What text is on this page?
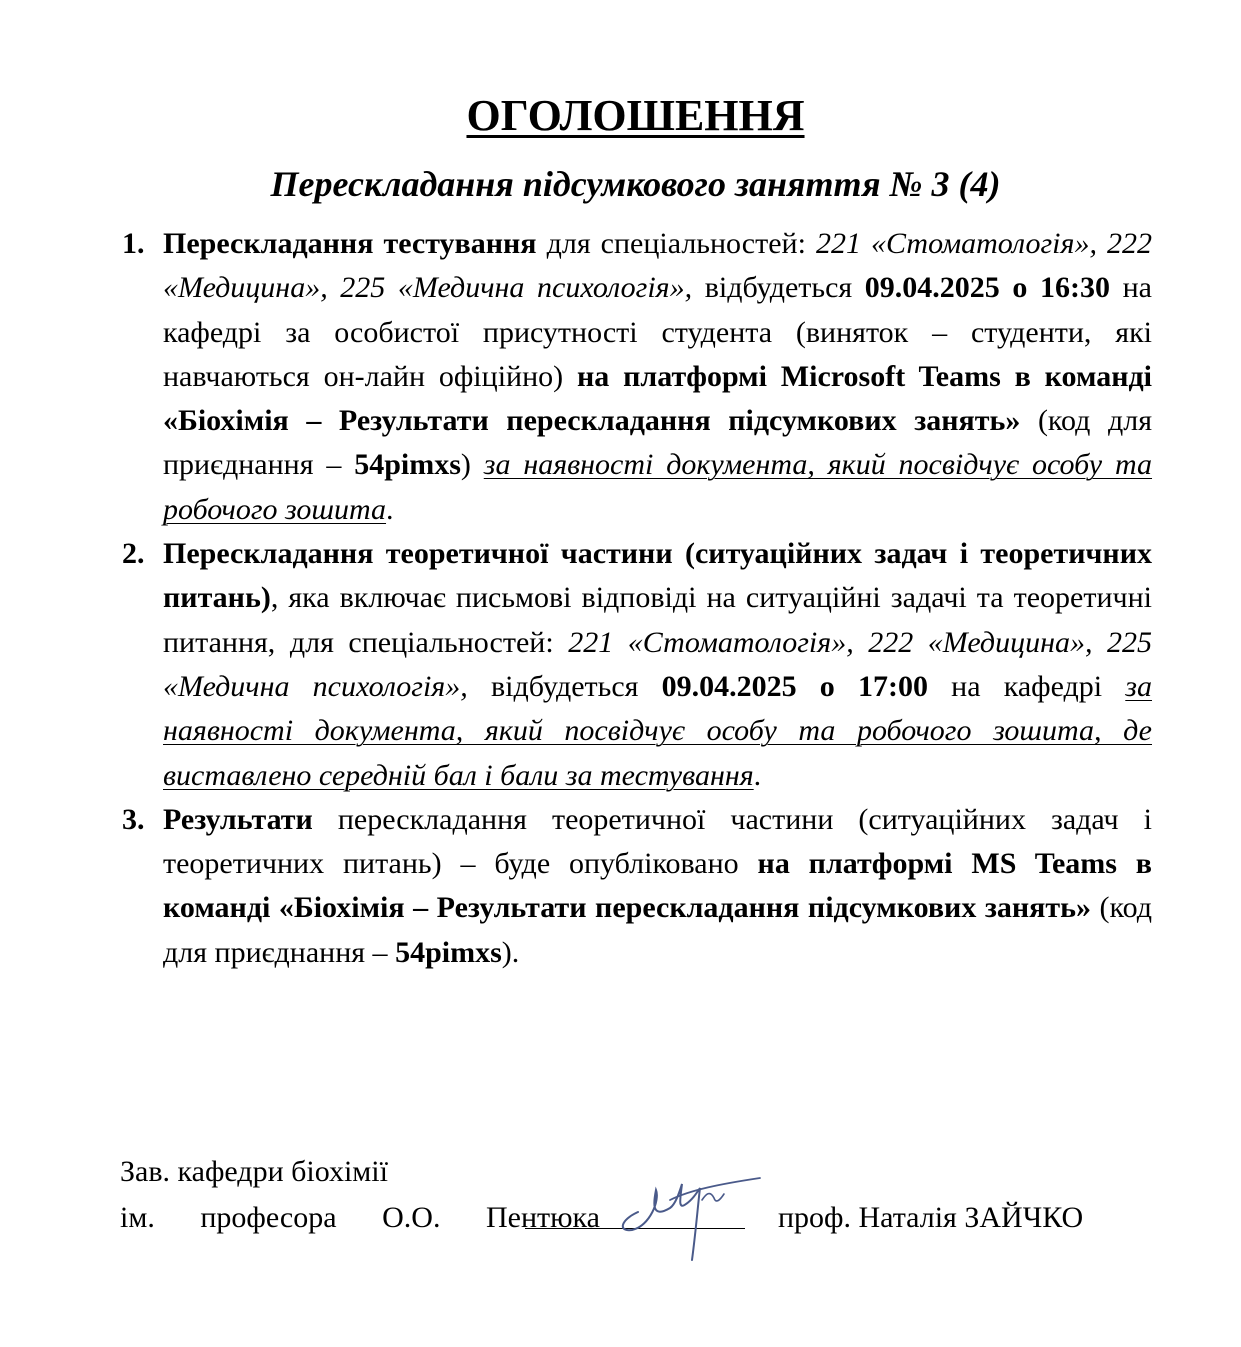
ОГОЛОШЕННЯ
Перескладання підсумкового заняття № 3 (4)
1. Перескладання тестування для спеціальностей: 221 «Стоматологія», 222 «Медицина», 225 «Медична психологія», відбудеться 09.04.2025 о 16:30 на кафедрі за особистої присутності студента (виняток – студенти, які навчаються он-лайн офіційно) на платформі Microsoft Teams в команді «Біохімія – Результати перескладання підсумкових занять» (код для приєднання – 54pimxs) за наявності документа, який посвідчує особу та робочого зошита.
2. Перескладання теоретичної частини (ситуаційних задач і теоретичних питань), яка включає письмові відповіді на ситуаційні задачі та теоретичні питання, для спеціальностей: 221 «Стоматологія», 222 «Медицина», 225 «Медична психологія», відбудеться 09.04.2025 о 17:00 на кафедрі за наявності документа, який посвідчує особу та робочого зошита, де виставлено середній бал і бали за тестування.
3. Результати перескладання теоретичної частини (ситуаційних задач і теоретичних питань) – буде опубліковано на платформі MS Teams в команді «Біохімія – Результати перескладання підсумкових занять» (код для приєднання – 54pimxs).
Зав. кафедри біохімії
ім. професора О.О. Пентюка	проф. Наталія ЗАЙЧКО
